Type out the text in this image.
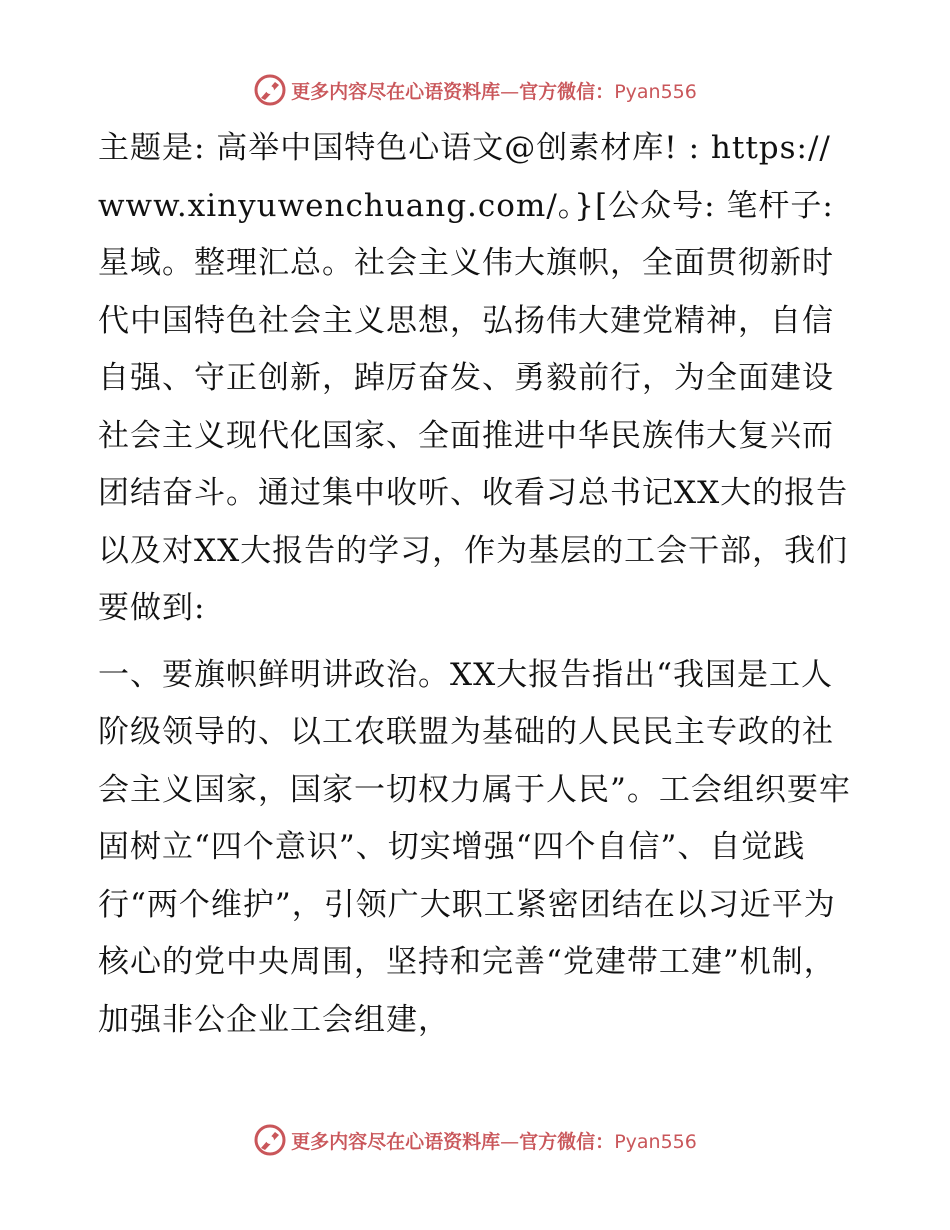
更多内容尽在心语资料库—官方微信：Pyan556

主题是: 高举中国特色心语文@创素材库! : https://www.xinyuwenchuang.com/。}[公众号: 笔杆子:星域。整理汇总。社会主义伟大旗帜，全面贯彻新时代中国特色社会主义思想，弘扬伟大建党精神，自信自强、守正创新，踔厉奋发、勇毅前行，为全面建设社会主义现代化国家、全面推进中华民族伟大复兴而团结奋斗。通过集中收听、收看习总书记XX大的报告以及对XX大报告的学习，作为基层的工会干部，我们要做到:

一、要旗帜鲜明讲政治。XX大报告指出“我国是工人阶级领导的、以工农联盟为基础的人民民主专政的社会主义国家，国家一切权力属于人民”。工会组织要牢固树立“四个意识”、切实增强“四个自信”、自觉践行“两个维护”，引领广大职工紧密团结在以习近平为核心的党中央周围，坚持和完善“党建带工建”机制，加强非公企业工会组建，

更多内容尽在心语资料库—官方微信：Pyan556
